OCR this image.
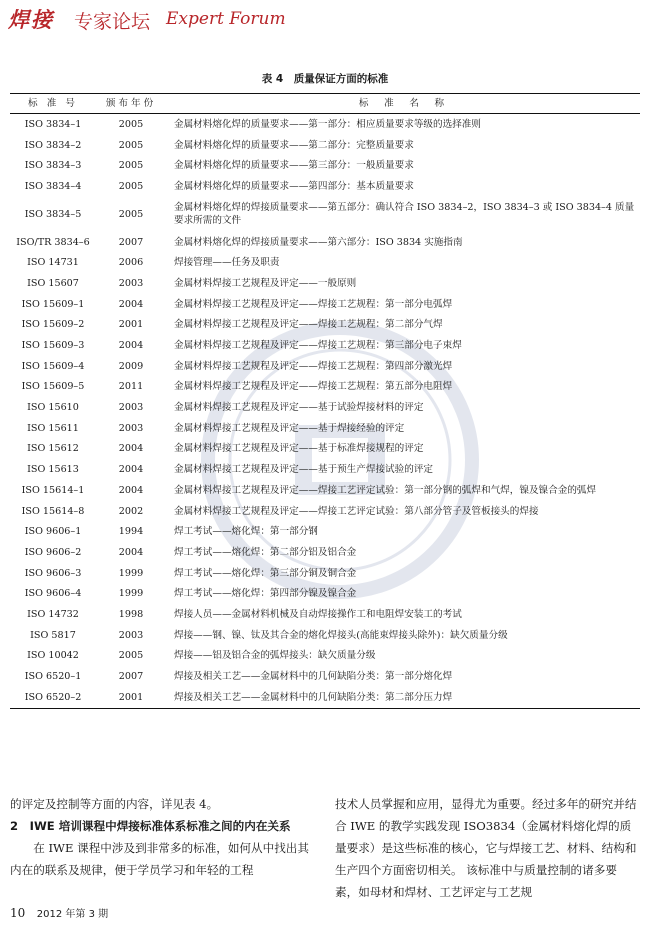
焊接 专家论坛 Expert Forum
表 4　质量保证方面的标准
标 准 号	颁布年份	标　准　名　称
ISO 3834–1	2005	金属材料熔化焊的质量要求——第一部分：相应质量要求等级的选择准则
ISO 3834–2	2005	金属材料熔化焊的质量要求——第二部分：完整质量要求
ISO 3834–3	2005	金属材料熔化焊的质量要求——第三部分：一般质量要求
ISO 3834–4	2005	金属材料熔化焊的质量要求——第四部分：基本质量要求
ISO 3834–5	2005	金属材料熔化焊的焊接质量要求——第五部分：确认符合 ISO 3834–2，ISO 3834–3 或 ISO 3834–4 质量要求所需的文件
ISO/TR 3834–6	2007	金属材料熔化焊的焊接质量要求——第六部分：ISO 3834 实施指南
ISO 14731	2006	焊接管理——任务及职责
ISO 15607	2003	金属材料焊接工艺规程及评定——一般原则
ISO 15609–1	2004	金属材料焊接工艺规程及评定——焊接工艺规程：第一部分电弧焊
ISO 15609–2	2001	金属材料焊接工艺规程及评定——焊接工艺规程：第二部分气焊
ISO 15609–3	2004	金属材料焊接工艺规程及评定——焊接工艺规程：第三部分电子束焊
ISO 15609–4	2009	金属材料焊接工艺规程及评定——焊接工艺规程：第四部分激光焊
ISO 15609–5	2011	金属材料焊接工艺规程及评定——焊接工艺规程：第五部分电阻焊
ISO 15610	2003	金属材料焊接工艺规程及评定——基于试验焊接材料的评定
ISO 15611	2003	金属材料焊接工艺规程及评定——基于焊接经验的评定
ISO 15612	2004	金属材料焊接工艺规程及评定——基于标准焊接规程的评定
ISO 15613	2004	金属材料焊接工艺规程及评定——基于预生产焊接试验的评定
ISO 15614–1	2004	金属材料焊接工艺规程及评定——焊接工艺评定试验：第一部分钢的弧焊和气焊，镍及镍合金的弧焊
ISO 15614–8	2002	金属材料焊接工艺规程及评定——焊接工艺评定试验：第八部分管子及管板接头的焊接
ISO 9606–1	1994	焊工考试——熔化焊：第一部分钢
ISO 9606–2	2004	焊工考试——熔化焊：第二部分铝及铝合金
ISO 9606–3	1999	焊工考试——熔化焊：第三部分铜及铜合金
ISO 9606–4	1999	焊工考试——熔化焊：第四部分镍及镍合金
ISO 14732	1998	焊接人员——金属材料机械及自动焊接操作工和电阻焊安装工的考试
ISO 5817	2003	焊接——钢、镍、钛及其合金的熔化焊接头(高能束焊接头除外)：缺欠质量分级
ISO 10042	2005	焊接——铝及铝合金的弧焊接头：缺欠质量分级
ISO 6520–1	2007	焊接及相关工艺——金属材料中的几何缺陷分类：第一部分熔化焊
ISO 6520–2	2001	焊接及相关工艺——金属材料中的几何缺陷分类：第二部分压力焊

的评定及控制等方面的内容，详见表 4。

2　IWE 培训课程中焊接标准体系标准之间的内在关系

在 IWE 课程中涉及到非常多的标准，如何从中找出其内在的联系及规律，便于学员学习和年轻的工程

技术人员掌握和应用，显得尤为重要。经过多年的研究并结合 IWE 的教学实践发现 ISO3834（金属材料熔化焊的质量要求）是这些标准的核心，它与焊接工艺、材料、结构和生产四个方面密切相关。 该标准中与质量控制的诸多要素，如母材和焊材、工艺评定与工艺规

10 2012 年第 3 期
